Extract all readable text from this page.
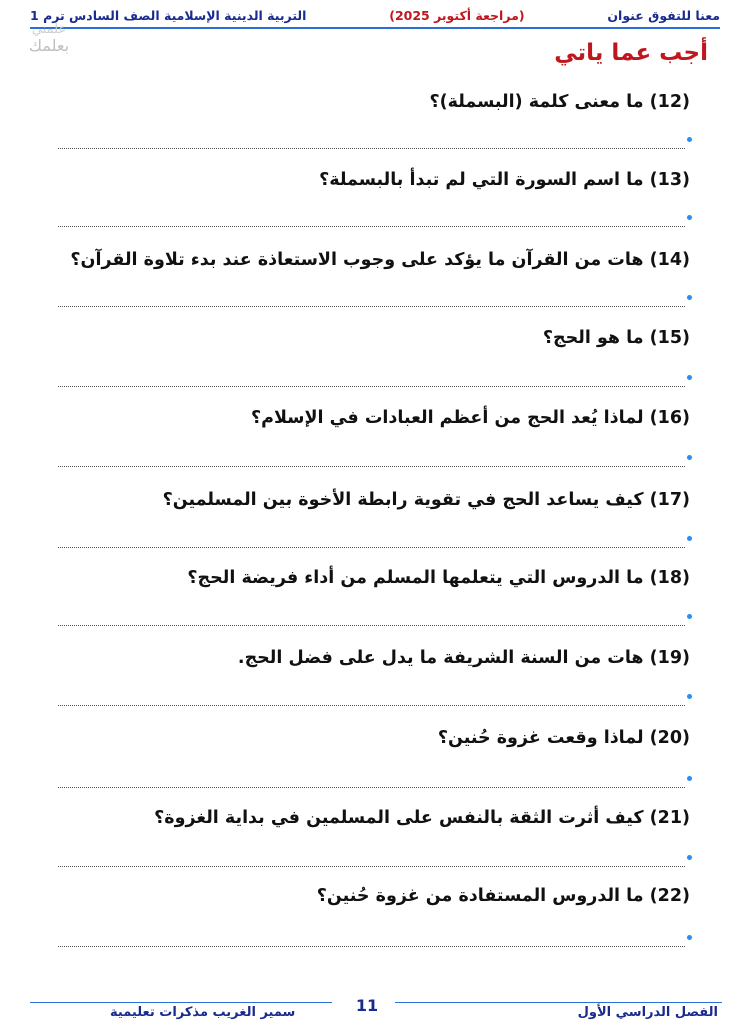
معنا للتفوق عنوان
(مراجعة أكتوبر 2025)
التربية الدينية الإسلامية الصف السادس ترم 1
علمني
بعلمك	أجب عما ياتي
(12) ما معنى كلمة (البسملة)؟
(13) ما اسم السورة التي لم تبدأ بالبسملة؟
(14) هات من القرآن ما يؤكد على وجوب الاستعاذة عند بدء تلاوة القرآن؟
(15) ما هو الحج؟
(16) لماذا يُعد الحج من أعظم العبادات في الإسلام؟
(17) كيف يساعد الحج في تقوية رابطة الأخوة بين المسلمين؟
(18) ما الدروس التي يتعلمها المسلم من أداء فريضة الحج؟
(19) هات من السنة الشريفة ما يدل على فضل الحج.
(20) لماذا وقعت غزوة حُنين؟
(21) كيف أثرت الثقة بالنفس على المسلمين في بداية الغزوة؟
(22) ما الدروس المستفادة من غزوة حُنين؟
الفصل الدراسي الأول
11
سمير الغريب مذكرات تعليمية
